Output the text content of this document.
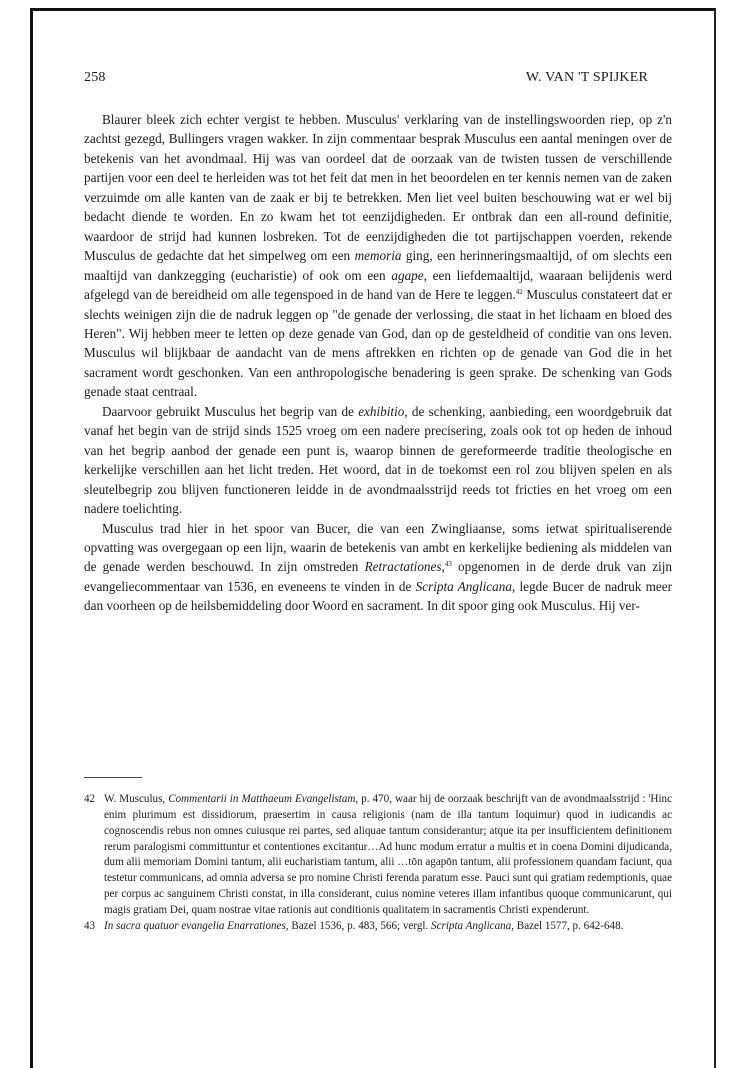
258	W. VAN 'T SPIJKER

Blaurer bleek zich echter vergist te hebben. Musculus' verklaring van de instellingswoorden riep, op z'n zachtst gezegd, Bullingers vragen wakker. In zijn commentaar besprak Musculus een aantal meningen over de betekenis van het avondmaal. Hij was van oordeel dat de oorzaak van de twisten tussen de verschillende partijen voor een deel te herleiden was tot het feit dat men in het beoordelen en ter kennis nemen van de zaken verzuimde om alle kanten van de zaak er bij te betrekken. Men liet veel buiten beschouwing wat er wel bij bedacht diende te worden. En zo kwam het tot eenzijdigheden. Er ontbrak dan een all-round definitie, waardoor de strijd had kunnen losbreken. Tot de eenzijdigheden die tot partijschappen voerden, rekende Musculus de gedachte dat het simpelweg om een memoria ging, een herinneringsmaaltijd, of om slechts een maaltijd van dankzegging (eucharistie) of ook om een agape, een liefdemaaltijd, waaraan belijdenis werd afgelegd van de bereidheid om alle tegenspoed in de hand van de Here te leggen.$^{42}$ Musculus constateert dat er slechts weinigen zijn die de nadruk leggen op "de genade der verlossing, die staat in het lichaam en bloed des Heren". Wij hebben meer te letten op deze genade van God, dan op de gesteldheid of conditie van ons leven. Musculus wil blijkbaar de aandacht van de mens aftrekken en richten op de genade van God die in het sacrament wordt geschonken. Van een anthropologische benadering is geen sprake. De schenking van Gods genade staat centraal.

Daarvoor gebruikt Musculus het begrip van de exhibitio, de schenking, aanbieding, een woordgebruik dat vanaf het begin van de strijd sinds 1525 vroeg om een nadere precisering, zoals ook tot op heden de inhoud van het begrip aanbod der genade een punt is, waarop binnen de gereformeerde traditie theologische en kerkelijke verschillen aan het licht treden. Het woord, dat in de toekomst een rol zou blijven spelen en als sleutelbegrip zou blijven functioneren leidde in de avondmaalsstrijd reeds tot fricties en het vroeg om een nadere toelichting.

Musculus trad hier in het spoor van Bucer, die van een Zwingliaanse, soms ietwat spiritualiserende opvatting was overgegaan op een lijn, waarin de betekenis van ambt en kerkelijke bediening als middelen van de genade werden beschouwd. In zijn omstreden Retractationes,$^{43}$ opgenomen in de derde druk van zijn evangeliecommentaar van 1536, en eveneens te vinden in de Scripta Anglicana, legde Bucer de nadruk meer dan voorheen op de heilsbemiddeling door Woord en sacrament. In dit spoor ging ook Musculus. Hij ver-

42 W. Musculus, Commentarii in Matthaeum Evangelistam, p. 470, waar hij de oorzaak beschrijft van de avondmaalsstrijd : 'Hinc enim plurimum est dissidiorum, praesertim in causa religionis (nam de illa tantum loquimur) quod in iudicandis ac cognoscendis rebus non omnes cuiusque rei partes, sed aliquae tantum considerantur; atque ita per insufficientem definitionem rerum paralogismi committuntur et contentiones excitantur…Ad hunc modum erratur a multis et in coena Domini dijudicanda, dum alii memoriam Domini tantum, alii eucharistiam tantum, alii …tōn agapōn tantum, alii professionem quandam faciunt, qua testetur communicans, ad omnia adversa se pro nomine Christi ferenda paratum esse. Pauci sunt qui gratiam redemptionis, quae per corpus ac sanguinem Christi constat, in illa considerant, cuius nomine veteres illam infantibus quoque communicarunt, qui magis gratiam Dei, quam nostrae vitae rationis aut conditionis qualitatem in sacramentis Christi expenderunt.

43 In sacra quatuor evangelia Enarrationes, Bazel 1536, p. 483, 566; vergl. Scripta Anglicana, Bazel 1577, p. 642-648.
